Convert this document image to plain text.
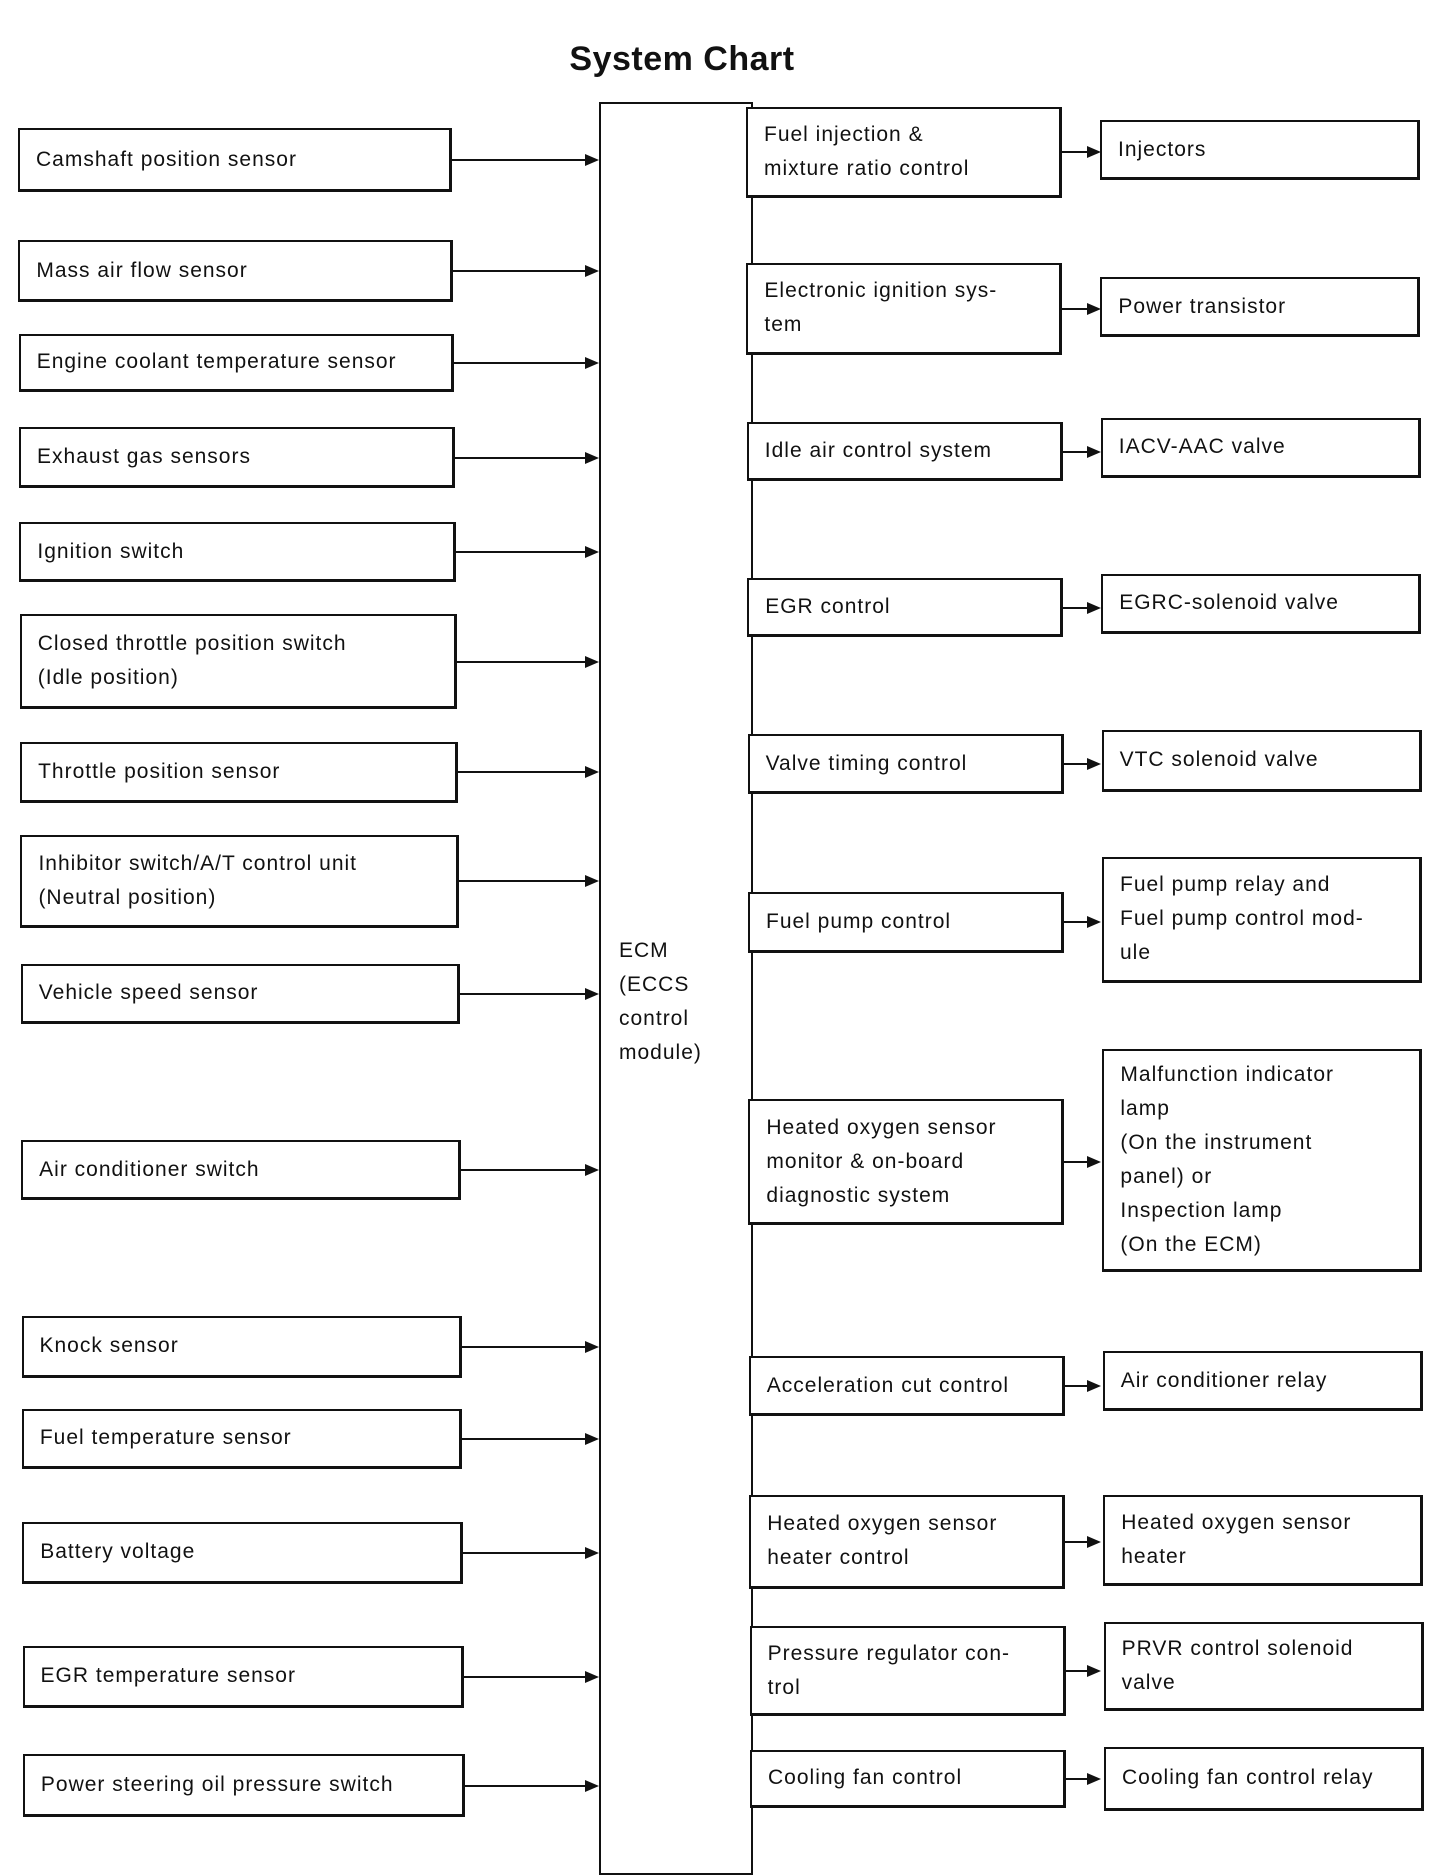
System Chart
ECM
(ECCS
control
module)
Camshaft position sensor
Mass air flow sensor
Engine coolant temperature sensor
Exhaust gas sensors
Ignition switch
Closed throttle position switch
(Idle position)
Throttle position sensor
Inhibitor switch/A/T control unit
(Neutral position)
Vehicle speed sensor
Air conditioner switch
Knock sensor
Fuel temperature sensor
Battery voltage
EGR temperature sensor
Power steering oil pressure switch
Fuel injection &
mixture ratio control
Electronic ignition sys-
tem
Idle air control system
EGR control
Valve timing control
Fuel pump control
Heated oxygen sensor
monitor & on-board
diagnostic system
Acceleration cut control
Heated oxygen sensor
heater control
Pressure regulator con-
trol
Cooling fan control
Injectors
Power transistor
IACV-AAC valve
EGRC-solenoid valve
VTC solenoid valve
Fuel pump relay and
Fuel pump control mod-
ule
Malfunction indicator
lamp
(On the instrument
panel) or
Inspection lamp
(On the ECM)
Air conditioner relay
Heated oxygen sensor
heater
PRVR control solenoid
valve
Cooling fan control relay
